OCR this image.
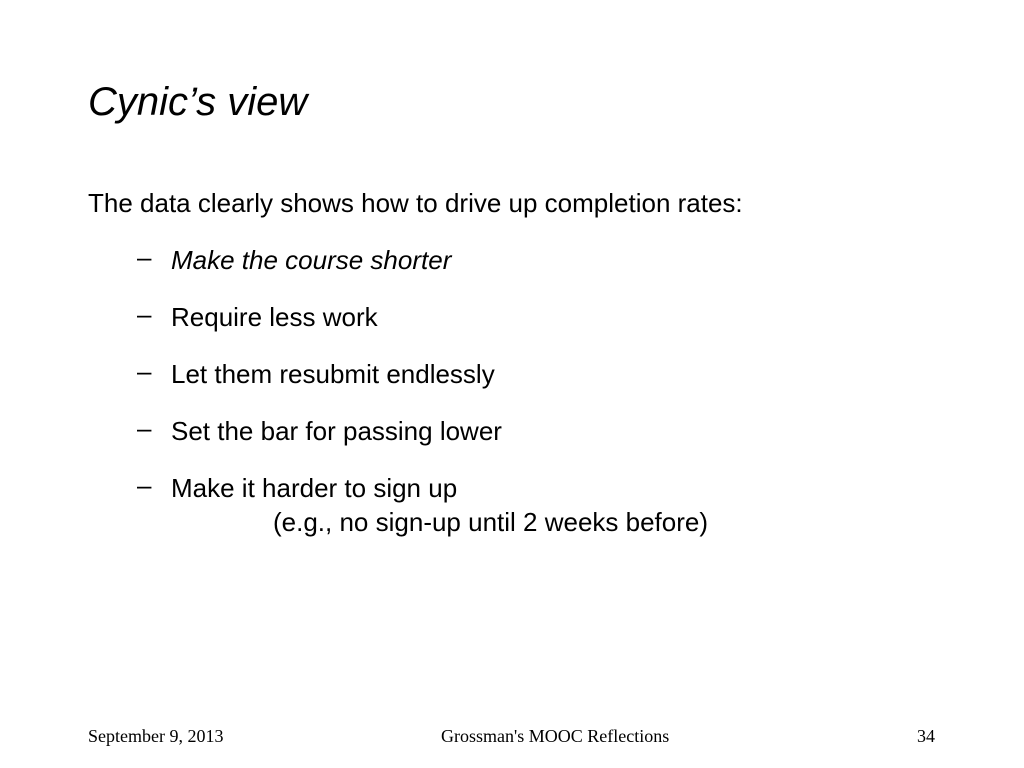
Cynic’s view
The data clearly shows how to drive up completion rates:
– Make the course shorter
– Require less work
– Let them resubmit endlessly
– Set the bar for passing lower
– Make it harder to sign up
(e.g., no sign-up until 2 weeks before)
September 9, 2013	Grossman's MOOC Reflections	34
